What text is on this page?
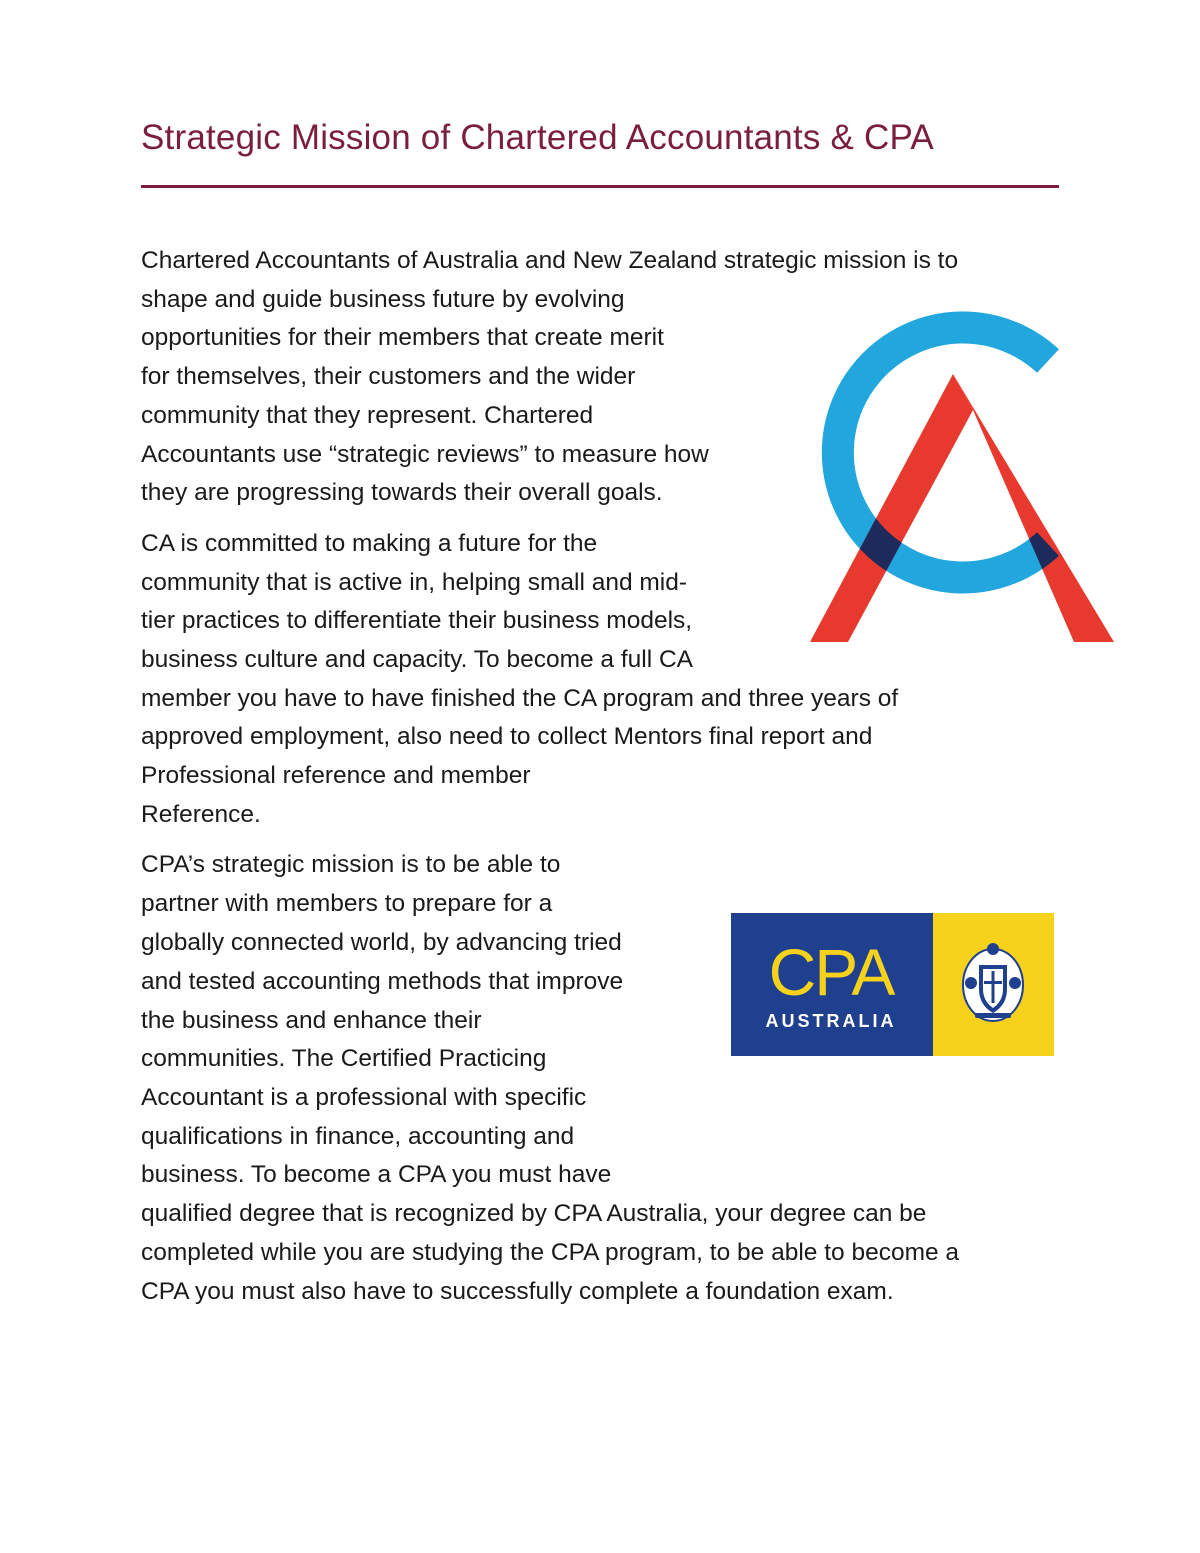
Strategic Mission of Chartered Accountants & CPA

Chartered Accountants of Australia and New Zealand strategic mission is to

shape and guide business future by evolving

opportunities for their members that create merit

for themselves, their customers and the wider

community that they represent. Chartered

Accountants use “strategic reviews” to measure how

they are progressing towards their overall goals.

CA is committed to making a future for the

community that is active in, helping small and mid-

tier practices to differentiate their business models,

business culture and capacity. To become a full CA

member you have to have finished the CA program and three years of

approved employment, also need to collect Mentors final report and

Professional reference and member

Reference.

CPA’s strategic mission is to be able to

partner with members to prepare for a

globally connected world, by advancing tried

and tested accounting methods that improve

the business and enhance their

communities. The Certified Practicing

Accountant is a professional with specific

qualifications in finance, accounting and

business. To become a CPA you must have

qualified degree that is recognized by CPA Australia, your degree can be

completed while you are studying the CPA program, to be able to become a

CPA you must also have to successfully complete a foundation exam.

CPA
AUSTRALIA
